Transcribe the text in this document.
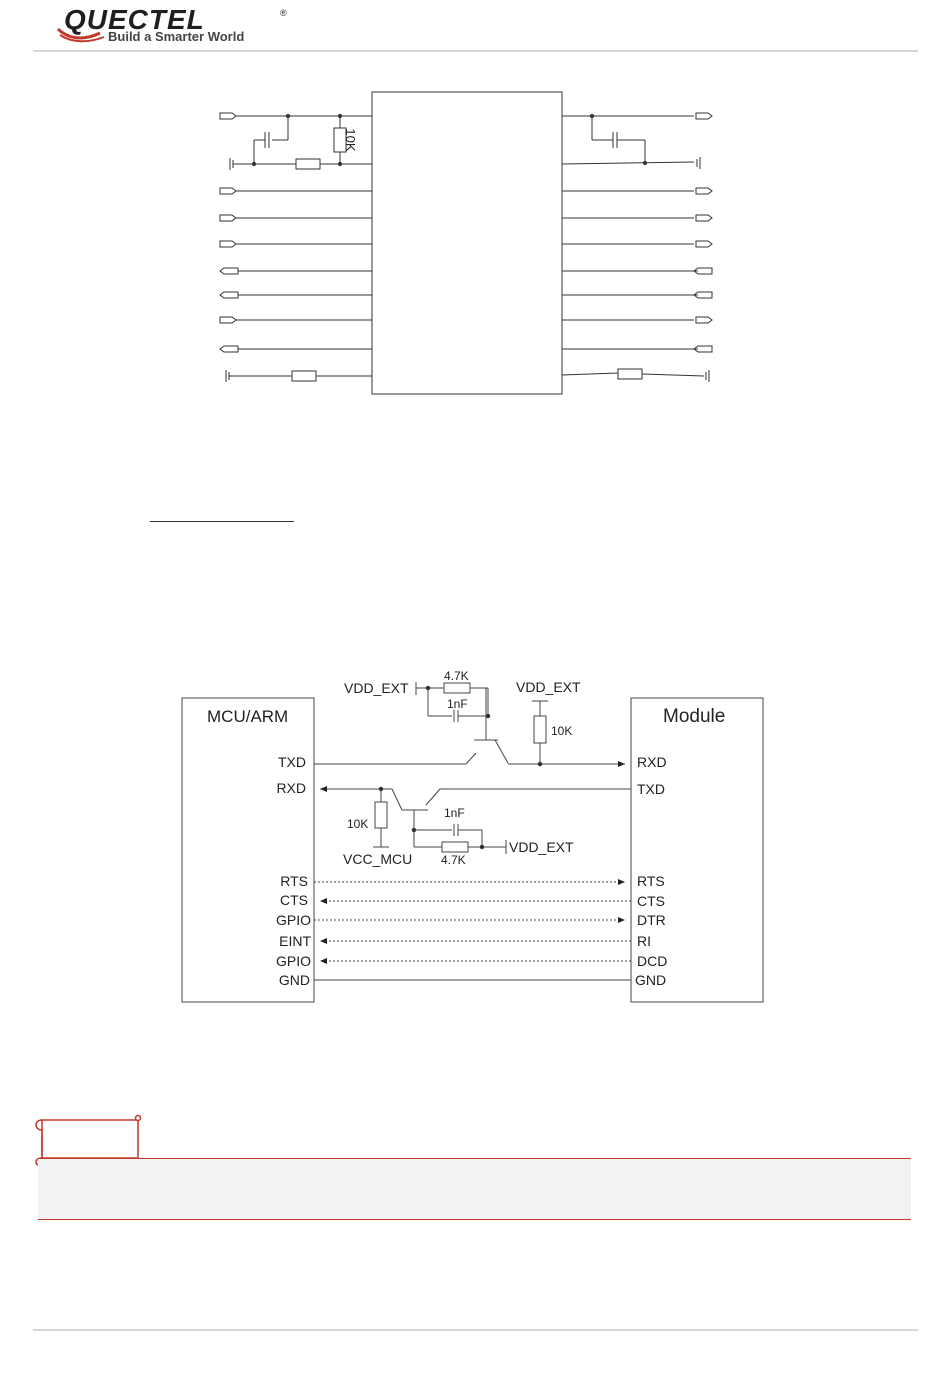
QUECTEL	®
Build a Smarter World
10K
MCU/ARM	Module
TXD
RXD
RTS
CTS
GPIO
EINT
GPIO
GND
RXD
TXD
RTS
CTS
DTR
RI
DCD
GND
VDD_EXT	VDD_EXT
4.7K
1nF
10K
10K
VCC_MCU
1nF
4.7K
VDD_EXT
